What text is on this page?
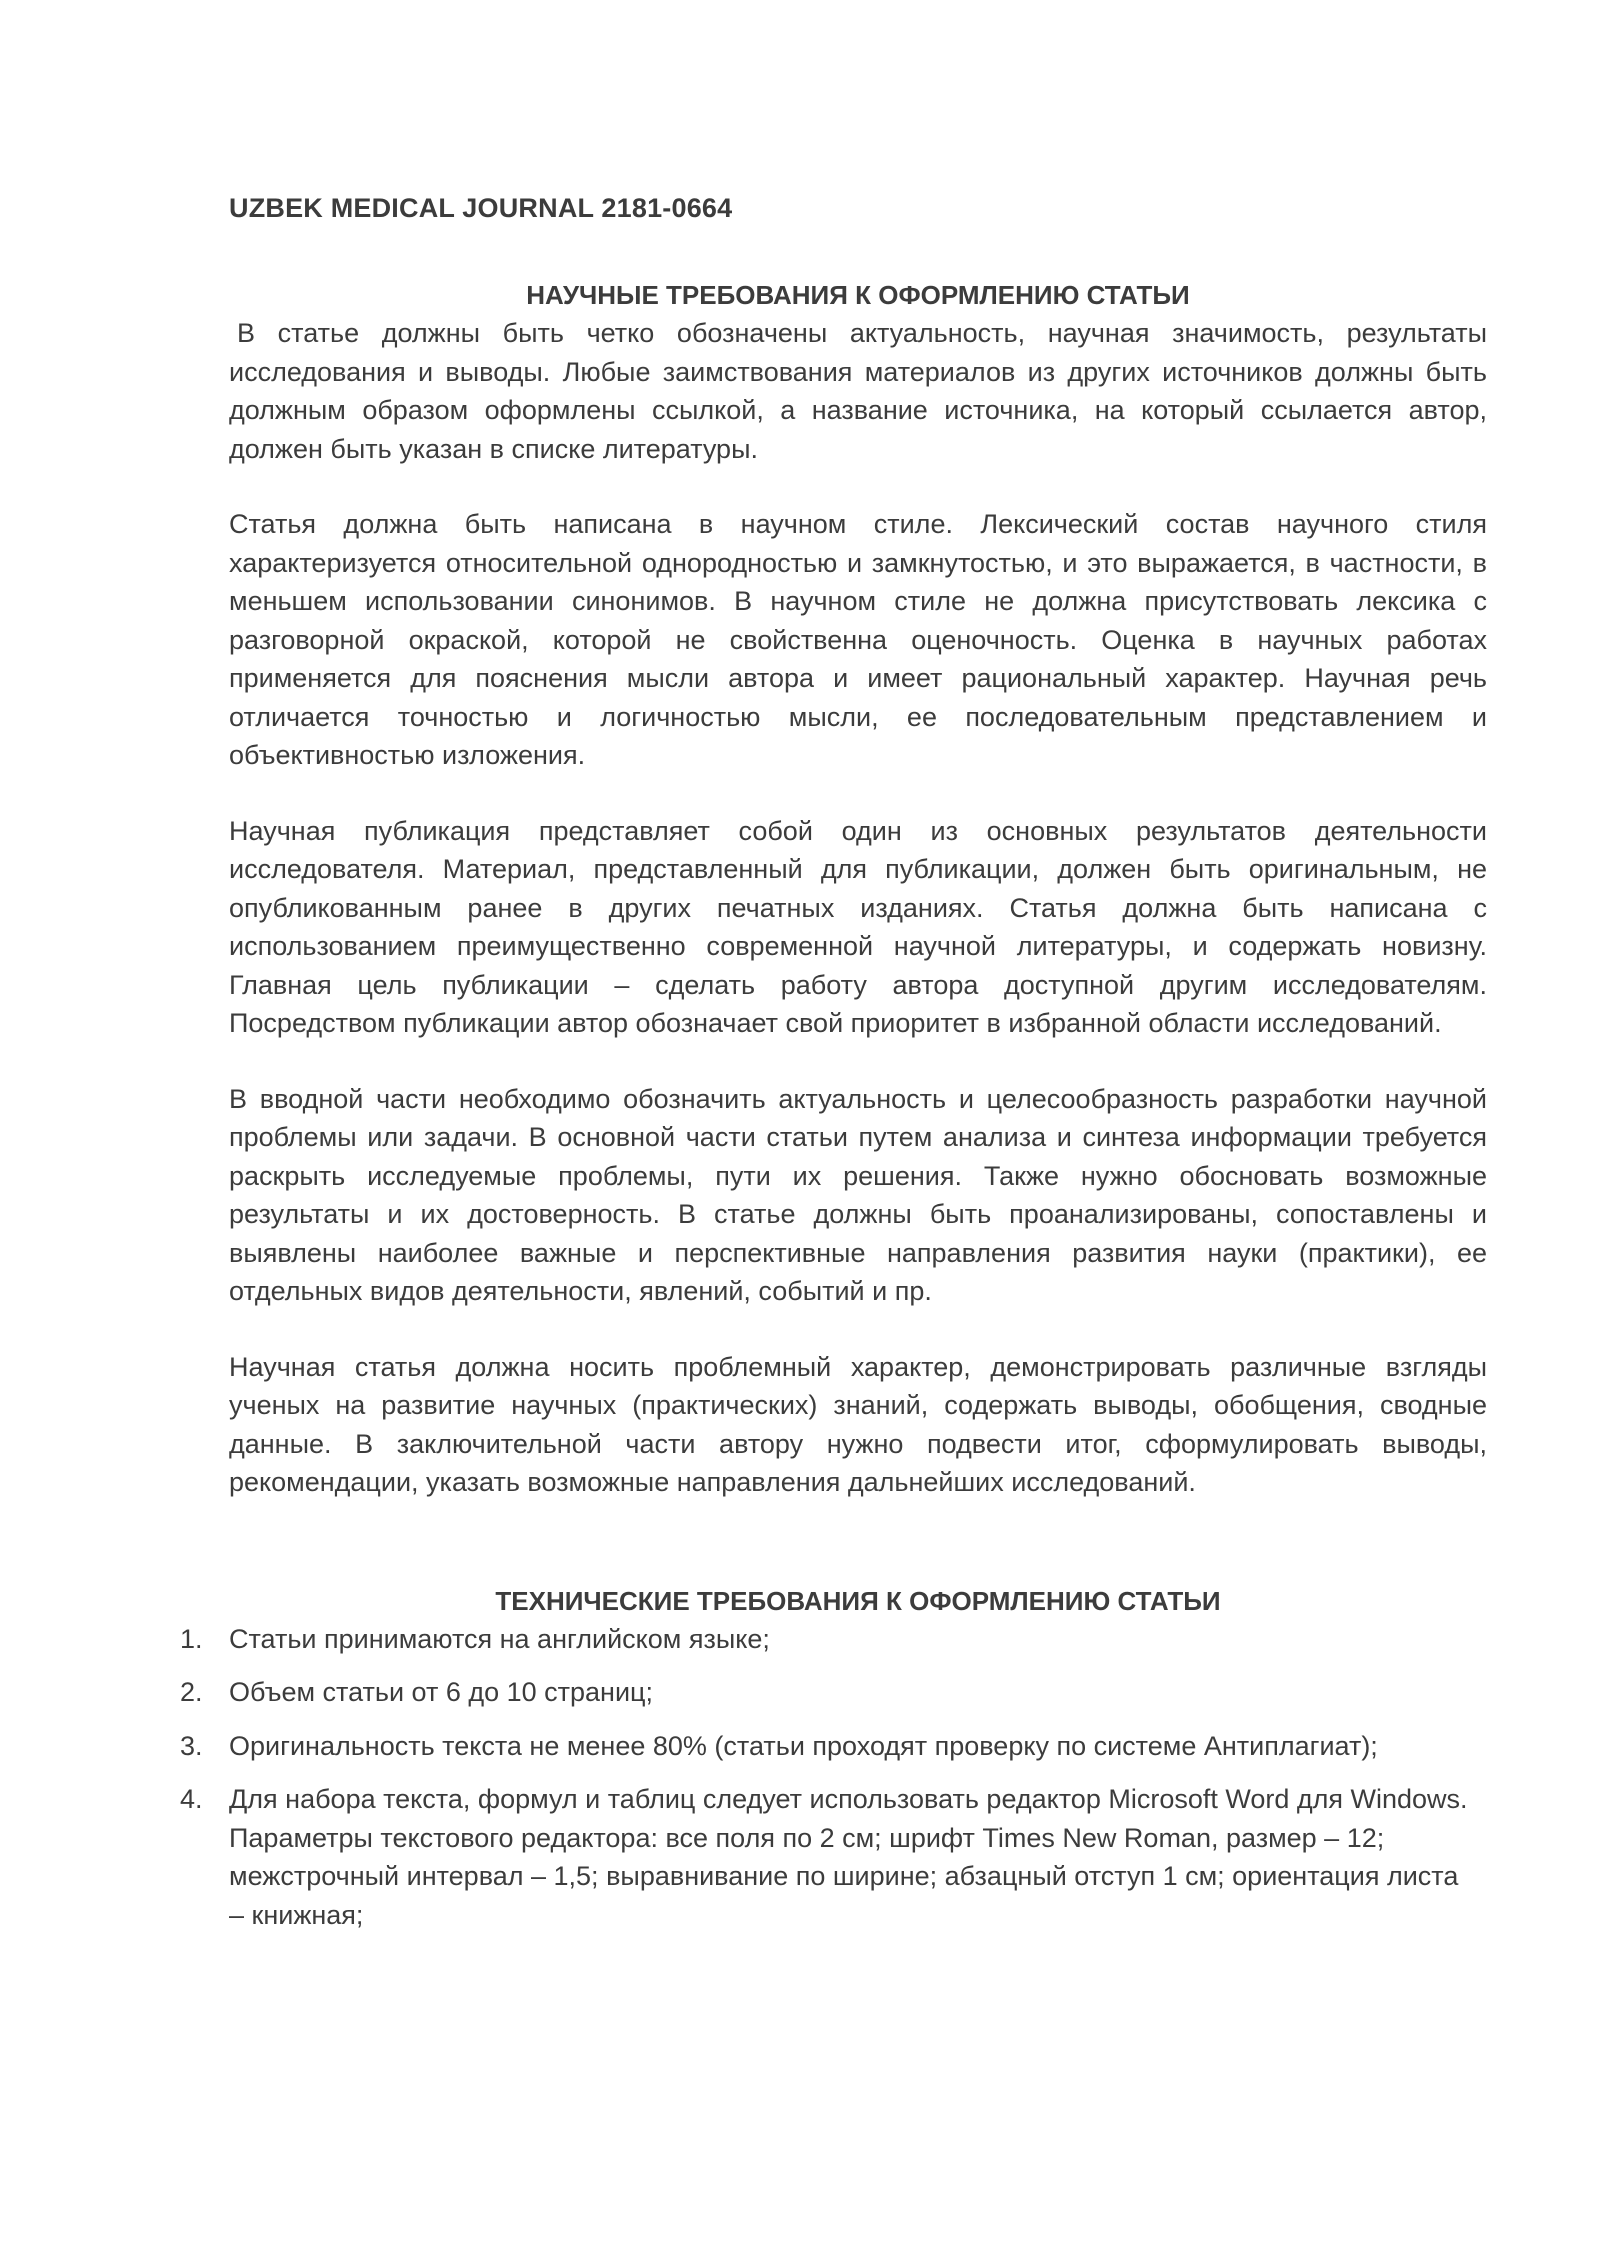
UZBEK MEDICAL JOURNAL 2181-0664
НАУЧНЫЕ ТРЕБОВАНИЯ К ОФОРМЛЕНИЮ СТАТЬИ

В статье должны быть четко обозначены актуальность, научная значимость, результаты исследования и выводы. Любые заимствования материалов из других источников должны быть должным образом оформлены ссылкой, а название источника, на который ссылается автор, должен быть указан в списке литературы.

Статья должна быть написана в научном стиле. Лексический состав научного стиля характеризуется относительной однородностью и замкнутостью, и это выражается, в частности, в меньшем использовании синонимов. В научном стиле не должна присутствовать лексика с разговорной окраской, которой не свойственна оценочность. Оценка в научных работах применяется для пояснения мысли автора и имеет рациональный характер. Научная речь отличается точностью и логичностью мысли, ее последовательным представлением и объективностью изложения.

Научная публикация представляет собой один из основных результатов деятельности исследователя. Материал, представленный для публикации, должен быть оригинальным, не опубликованным ранее в других печатных изданиях. Статья должна быть написана с использованием преимущественно современной научной литературы, и содержать новизну. Главная цель публикации – сделать работу автора доступной другим исследователям. Посредством публикации автор обозначает свой приоритет в избранной области исследований.

В вводной части необходимо обозначить актуальность и целесообразность разработки научной проблемы или задачи. В основной части статьи путем анализа и синтеза информации требуется раскрыть исследуемые проблемы, пути их решения. Также нужно обосновать возможные результаты и их достоверность. В статье должны быть проанализированы, сопоставлены и выявлены наиболее важные и перспективные направления развития науки (практики), ее отдельных видов деятельности, явлений, событий и пр.

Научная статья должна носить проблемный характер, демонстрировать различные взгляды ученых на развитие научных (практических) знаний, содержать выводы, обобщения, сводные данные. В заключительной части автору нужно подвести итог, сформулировать выводы, рекомендации, указать возможные направления дальнейших исследований.

ТЕХНИЧЕСКИЕ ТРЕБОВАНИЯ К ОФОРМЛЕНИЮ СТАТЬИ
1. Статьи принимаются на английском языке;
2. Объем статьи от 6 до 10 страниц;
3. Оригинальность текста не менее 80% (статьи проходят проверку по системе Антиплагиат);
4. Для набора текста, формул и таблиц следует использовать редактор Microsoft Word для Windows. Параметры текстового редактора: все поля по 2 см; шрифт Times New Roman, размер – 12; межстрочный интервал – 1,5; выравнивание по ширине; абзацный отступ 1 см; ориентация листа – книжная;
